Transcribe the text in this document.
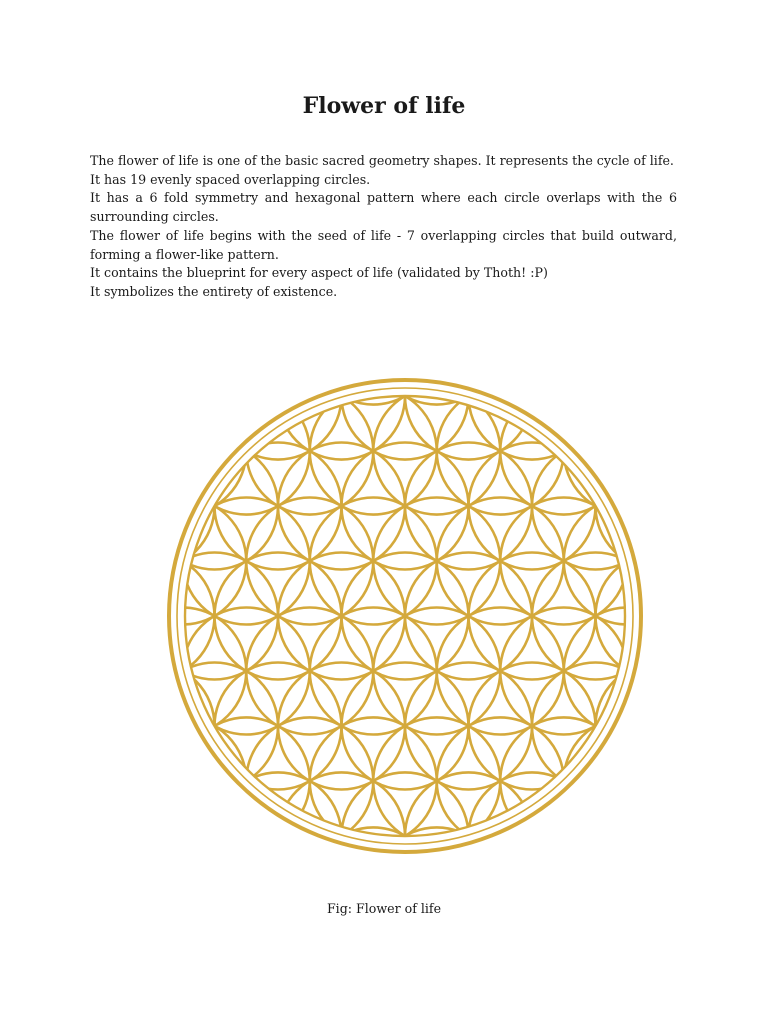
Flower of life

The flower of life is one of the basic sacred geometry shapes. It represents the cycle of life.

It has 19 evenly spaced overlapping circles.

It has a 6 fold symmetry and hexagonal pattern where each circle overlaps with the 6 surrounding circles.

The flower of life begins with the seed of life - 7 overlapping circles that build outward, forming a flower-like pattern.

It contains the blueprint for every aspect of life (validated by Thoth! :P)

It symbolizes the entirety of existence.

Fig: Flower of life
